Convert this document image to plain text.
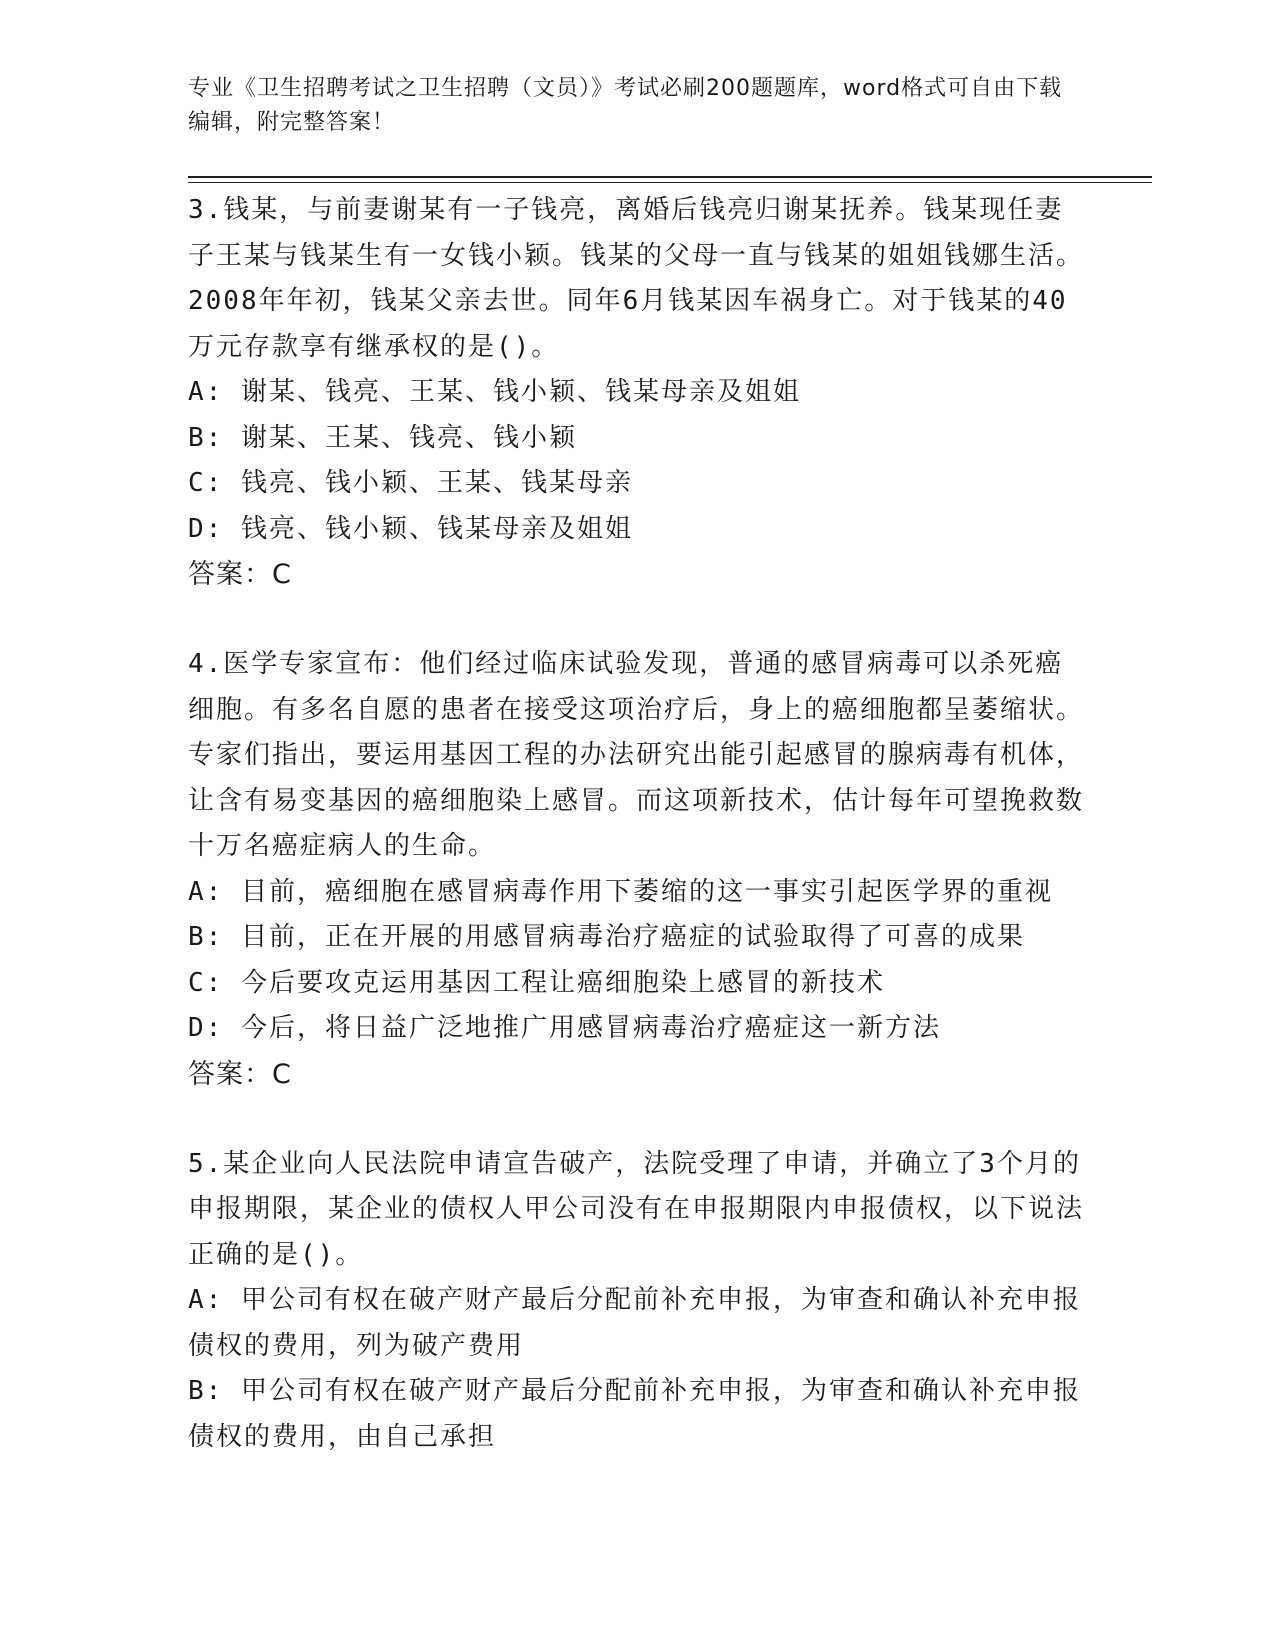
专业《卫生招聘考试之卫生招聘（文员）》考试必刷200题题库，word格式可自由下载编辑，附完整答案！

3.钱某，与前妻谢某有一子钱亮，离婚后钱亮归谢某抚养。钱某现任妻子王某与钱某生有一女钱小颖。钱某的父母一直与钱某的姐姐钱娜生活。2008年年初，钱某父亲去世。同年6月钱某因车祸身亡。对于钱某的40万元存款享有继承权的是()。

A: 谢某、钱亮、王某、钱小颖、钱某母亲及姐姐

B: 谢某、王某、钱亮、钱小颖

C: 钱亮、钱小颖、王某、钱某母亲

D: 钱亮、钱小颖、钱某母亲及姐姐

答案：C

4.医学专家宣布：他们经过临床试验发现，普通的感冒病毒可以杀死癌细胞。有多名自愿的患者在接受这项治疗后，身上的癌细胞都呈萎缩状。专家们指出，要运用基因工程的办法研究出能引起感冒的腺病毒有机体，让含有易变基因的癌细胞染上感冒。而这项新技术，估计每年可望挽救数十万名癌症病人的生命。

A: 目前，癌细胞在感冒病毒作用下萎缩的这一事实引起医学界的重视

B: 目前，正在开展的用感冒病毒治疗癌症的试验取得了可喜的成果

C: 今后要攻克运用基因工程让癌细胞染上感冒的新技术

D: 今后，将日益广泛地推广用感冒病毒治疗癌症这一新方法

答案：C

5.某企业向人民法院申请宣告破产，法院受理了申请，并确立了3个月的申报期限，某企业的债权人甲公司没有在申报期限内申报债权，以下说法正确的是()。

A: 甲公司有权在破产财产最后分配前补充申报，为审查和确认补充申报债权的费用，列为破产费用

B: 甲公司有权在破产财产最后分配前补充申报，为审查和确认补充申报债权的费用，由自己承担
